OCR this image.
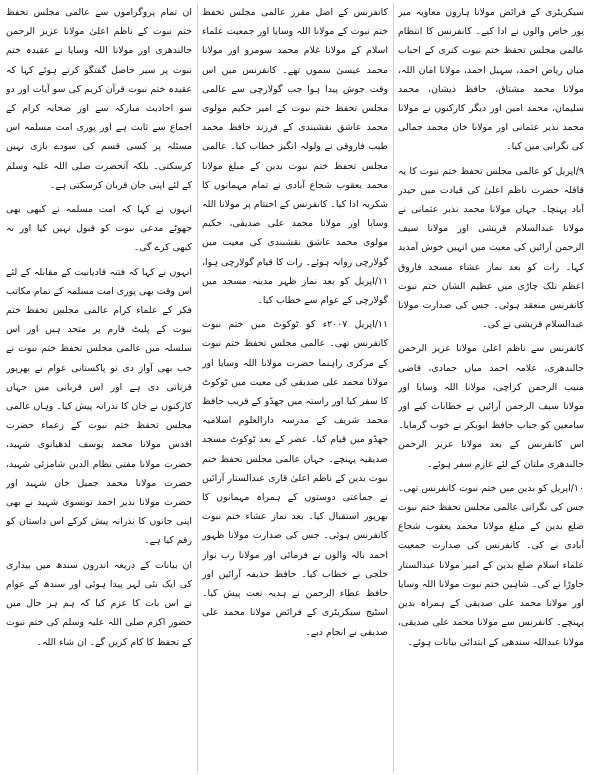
سیکریٹری کے فرائض مولانا ہارون معاویہ میر پور خاص والوں نے ادا کیے۔ کانفرنس کا انتظام عالمی مجلس تحفظ ختم نبوت کنری کے احباب میاں ریاض احمد، سہیل احمد، مولانا امان اللہ، مولانا محمد مشتاق، حافظ ذیشان، محمد سلیمان، محمد امین اور دیگر کارکنوں نے مولانا محمد نذیر عثمانی اور مولانا خان محمد جمالی کی نگرانی میں کیا۔

۹/اپریل کو عالمی مجلس تحفظ ختم نبوت کا یہ قافلہ حضرت ناظم اعلیٰ کی قیادت میں حیدر آباد پہنچا۔ جہاں مولانا محمد نذیر عثمانی نے مولانا عبدالسلام قریشی اور مولانا سیف الرحمن آرائیں کی معیت میں انہیں خوش آمدید کہا۔ رات کو بعد نماز عشاء مسجد فاروق اعظم تلک چاڑی میں عظیم الشان ختم نبوت کانفرنس منعقد ہوئی۔ جس کی صدارت مولانا عبدالسلام قریشی نے کی۔

کانفرنس سے ناظم اعلیٰ مولانا عزیز الرحمن جالندھری، علامہ احمد میاں حمادی، قاضی منیب الرحمن کراچی، مولانا اللہ وسایا اور مولانا سیف الرحمن آرائیں نے خطابات کیے اور سامعین کو جناب حافظ ابوبکر نے خوب گرمایا۔ اس کانفرنس کے بعد مولانا عزیز الرحمن جالندھری ملتان کے لئے عازم سفر ہوئے۔

۱۰/اپریل کو بدین میں ختم نبوت کانفرنس تھی۔ جس کی نگرانی عالمی مجلس تحفظ ختم نبوت ضلع بدین کے مبلغ مولانا محمد یعقوب شجاع آبادی نے کی۔ کانفرنس کی صدارت جمعیت علماء اسلام ضلع بدین کے امیر مولانا عبدالستار جاوڑا نے کی۔ شاہین ختم نبوت مولانا اللہ وسایا اور مولانا محمد علی صدیقی کے ہمراہ بدین پہنچے۔ کانفرنس سے مولانا محمد علی صدیقی، مولانا عبداللہ سندھی کے ابتدائی بیانات ہوئے۔

کانفرنس کے اصل مقرر عالمی مجلس تحفظ ختم نبوت کے مولانا اللہ وسایا اور جمعیت علماء اسلام کے مولانا غلام محمد سومرو اور مولانا محمد عیسیٰ سموں تھے۔ کانفرنس میں اس وقت جوش پیدا ہوا جب گولارچی سے عالمی مجلس تحفظ ختم نبوت کے امیر حکیم مولوی محمد عاشق نقشبندی کے فرزند حافظ محمد طیب فاروقی نے ولولہ انگیز خطاب کیا۔ عالمی مجلس تحفظ ختم نبوت بدین کے مبلغ مولانا محمد یعقوب شجاع آبادی نے تمام مہمانوں کا شکریہ ادا کیا۔ کانفرنس کے اختتام پر مولانا اللہ وسایا اور مولانا محمد علی صدیقی، حکیم مولوی محمد عاشق نقشبندی کی معیت میں گولارچی روانہ ہوئے۔ رات کا قیام گولارچی ہوا، ۱۱/اپریل کو بعد نماز ظہر مدینہ مسجد میں گولارچی کے عوام سے خطاب کیا۔

۱۱/اپریل ۲۰۰۷ء کو ٹوکوٹ میں ختم نبوت کانفرنس تھی۔ عالمی مجلس تحفظ ختم نبوت کے مرکزی راہنما حضرت مولانا اللہ وسایا اور مولانا محمد علی صدیقی کی معیت میں ٹوکوٹ کا سفر کیا اور راستہ میں جھڈو کے قریب حافظ محمد شریف کے مدرسہ دارالعلوم اسلامیہ جھڈو میں قیام کیا۔ عصر کے بعد ٹوکوٹ مسجد صدیقیہ پہنچے۔ جہاں عالمی مجلس تحفظ ختم نبوت بدین کے ناظم اعلیٰ قاری عبدالستار آرائیں نے جماعتی دوستوں کے ہمراہ مہمانوں کا بھرپور استقبال کیا۔ بعد نماز عشاء ختم نبوت کانفرنس ہوئی۔ جس کی صدارت مولانا ظہور احمد بالہ والوں نے فرمائی اور مولانا رب نواز خلجی نے خطاب کیا۔ حافظ حذیفہ آرائیں اور حافظ عطاء الرحمن نے ہدیہ نعت پیش کیا۔ اسٹیج سیکریٹری کے فرائض مولانا محمد علی صدیقی نے انجام دیے۔

ان تمام پروگراموں سے عالمی مجلس تحفظ ختم نبوت کے ناظم اعلیٰ مولانا عزیز الرحمن جالندھری اور مولانا اللہ وسایا نے عقیدہ ختم نبوت پر سیر حاصل گفتگو کرتے ہوئے کہا کہ عقیدہ ختم نبوت قرآن کریم کی سو آیات اور دو سو احادیث مبارکہ سے اور صحابہ کرام کے اجماع سے ثابت ہے اور پوری امت مسلمہ اس مسئلہ پر کسی قسم کی سودے بازی نہیں کرسکتی۔ بلکہ آنحضرت صلی اللہ علیہ وسلم کے لئے اپنی جان قربان کرسکتی ہے۔

انہوں نے کہا کہ امت مسلمہ نے کبھی بھی جھوٹے مدعی نبوت کو قبول نہیں کیا اور نہ کبھی کرے گی۔

انہوں نے کہا کہ فتنہ قادیانیت کے مقابلہ کے لئے اس وقت بھی پوری امت مسلمہ کے تمام مکاتب فکر کے علماء کرام عالمی مجلس تحفظ ختم نبوت کے پلیٹ فارم پر متحد ہیں اور اس سلسلہ میں عالمی مجلس تحفظ ختم نبوت نے جب بھی آواز دی تو پاکستانی عوام نے بھرپور قربانی دی ہے اور اس قربانی میں جہاں کارکنوں نے جان کا نذرانہ پیش کیا۔ وہاں عالمی مجلس تحفظ ختم نبوت کے زعماء حضرت اقدس مولانا محمد یوسف لدھیانوی شہید، حضرت مولانا مفتی نظام الدین شامزئی شہید، حضرت مولانا محمد جمیل خان شہید اور حضرت مولانا نذیر احمد تونسوی شہید نے بھی اپنی جانوں کا نذرانہ پیش کرکے اس داستان کو رقم کیا ہے۔

ان بیانات کے ذریعہ اندرون سندھ میں بیداری کی ایک نئی لہر پیدا ہوئی اور سندھ کے عوام نے اس بات کا عزم کیا کہ ہم ہر حال میں حضور اکرم صلی اللہ علیہ وسلم کی ختم نبوت کے تحفظ کا کام کریں گے۔ ان شاء اللہ۔
